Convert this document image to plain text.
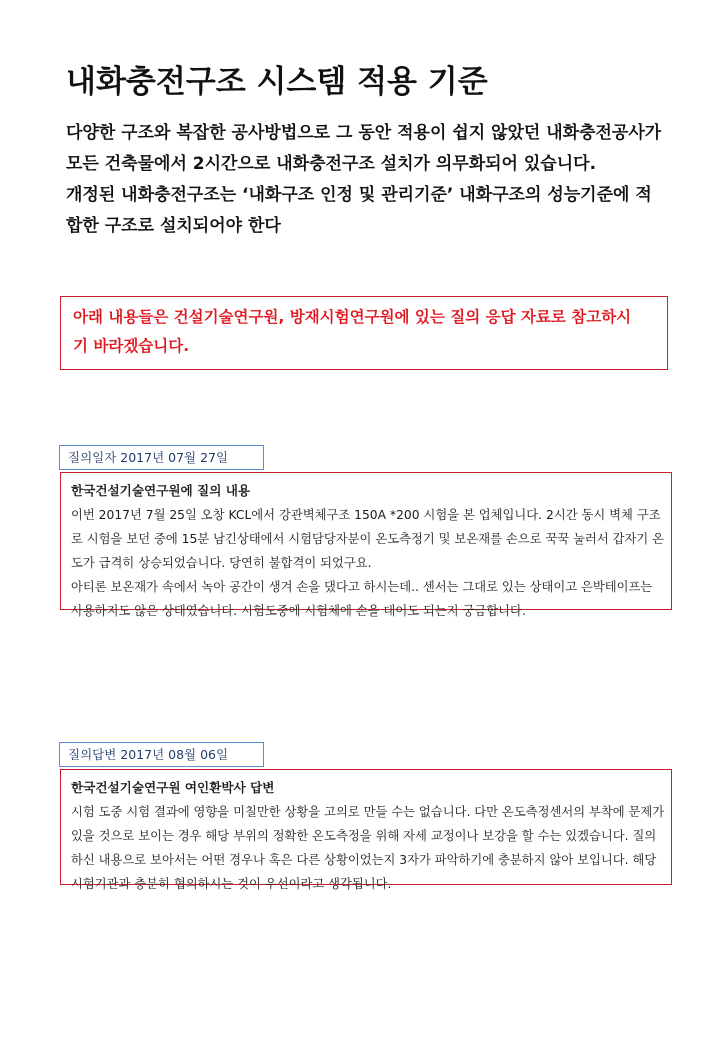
내화충전구조 시스템 적용 기준

다양한 구조와 복잡한 공사방법으로 그 동안 적용이 쉽지 않았던 내화충전공사가 모든 건축물에서 2시간으로 내화충전구조 설치가 의무화되어 있습니다.

개정된 내화충전구조는 ‘내화구조 인정 및 관리기준’ 내화구조의 성능기준에 적합한 구조로 설치되어야 한다

아래 내용들은 건설기술연구원, 방재시험연구원에 있는 질의 응답 자료로 참고하시기 바라겠습니다.
질의일자 2017년 07월 27일

한국건설기술연구원에 질의 내용

이번 2017년 7월 25일 오창 KCL에서 강관벽체구조 150A *200 시험을 본 업체입니다. 2시간 동시 벽체 구조로 시험을 보던 중에 15분 남긴상태에서 시험담당자분이 온도측정기 및 보온재를 손으로 꾹꾹 눌러서 갑자기 온도가 급격히 상승되었습니다. 당연히 불합격이 되었구요.

아티론 보온재가 속에서 녹아 공간이 생겨 손을 댔다고 하시는데.. 센서는 그대로 있는 상태이고 은박테이프는 사용하지도 않은 상태였습니다. 시험도중에 시험체에 손을 대어도 되는지 궁금합니다.

질의답변 2017년 08월 06일

한국건설기술연구원 여인환박사 답변

시험 도중 시험 결과에 영향을 미칠만한 상황을 고의로 만들 수는 없습니다. 다만 온도측정센서의 부착에 문제가 있을 것으로 보이는 경우 해당 부위의 정확한 온도측정을 위해 자세 교정이나 보강을 할 수는 있겠습니다. 질의하신 내용으로 보아서는 어떤 경우나 혹은 다른 상황이었는지 3자가 파악하기에 충분하지 않아 보입니다. 해당 시험기관과 충분히 협의하시는 것이 우선이라고 생각됩니다.
